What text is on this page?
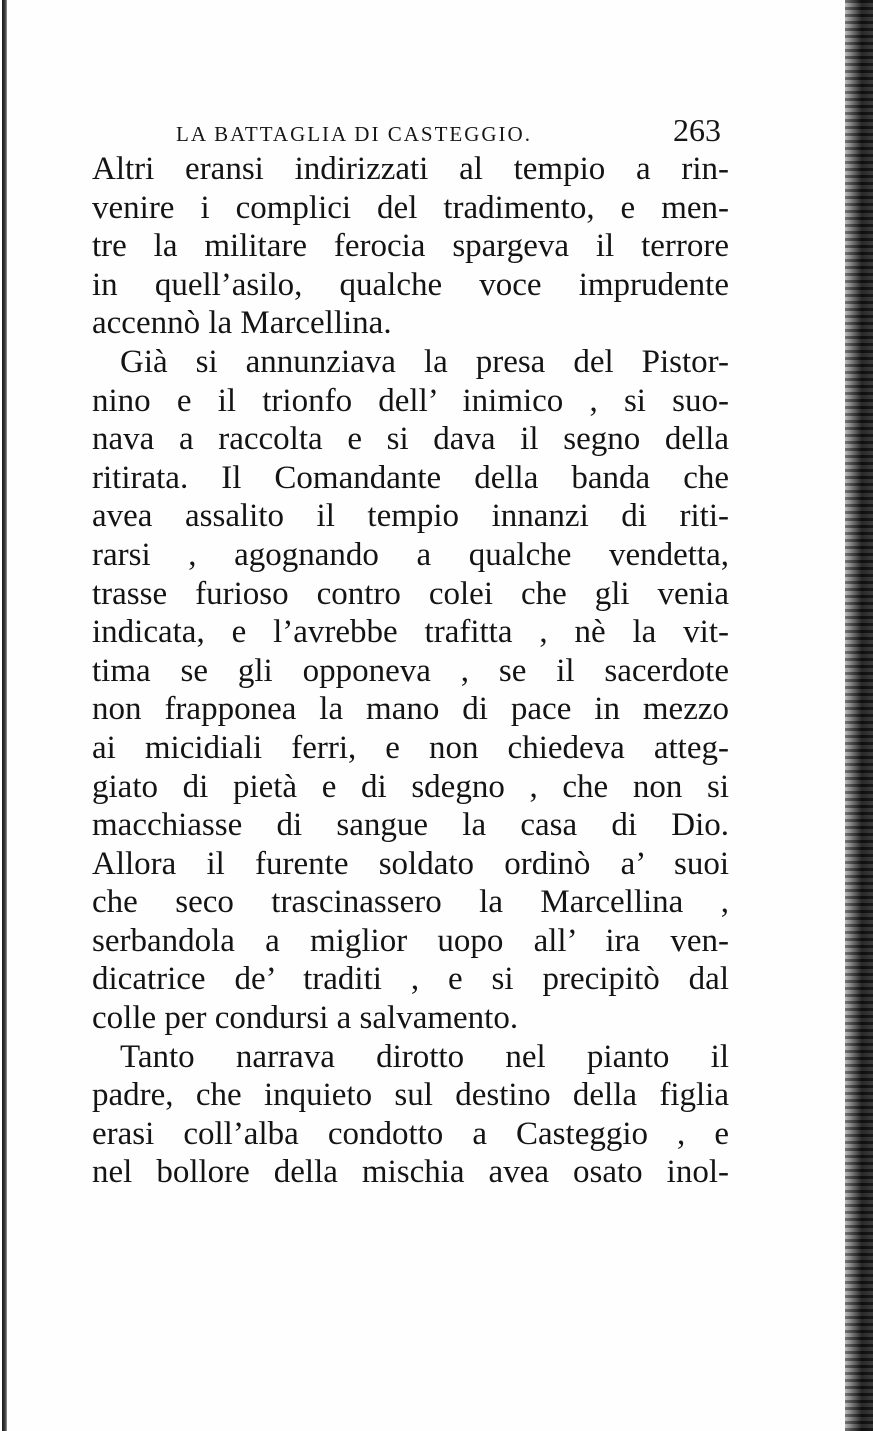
LA BATTAGLIA DI CASTEGGIO.	263
Altri eransi indirizzati al tempio a rin-
venire i complici del tradimento, e men-
tre la militare ferocia spargeva il terrore
in quell’asilo, qualche voce imprudente
accennò la Marcellina.
Già si annunziava la presa del Pistor-
nino e il trionfo dell’ inimico , si suo-
nava a raccolta e si dava il segno della
ritirata. Il Comandante della banda che
avea assalito il tempio innanzi di riti-
rarsi , agognando a qualche vendetta,
trasse furioso contro colei che gli venia
indicata, e l’avrebbe trafitta , nè la vit-
tima se gli opponeva , se il sacerdote
non frapponea la mano di pace in mezzo
ai micidiali ferri, e non chiedeva atteg-
giato di pietà e di sdegno , che non si
macchiasse di sangue la casa di Dio.
Allora il furente soldato ordinò a’ suoi
che seco trascinassero la Marcellina ,
serbandola a miglior uopo all’ ira ven-
dicatrice de’ traditi , e si precipitò dal
colle per condursi a salvamento.
Tanto narrava dirotto nel pianto il
padre, che inquieto sul destino della figlia
erasi coll’alba condotto a Casteggio , e
nel bollore della mischia avea osato inol-
